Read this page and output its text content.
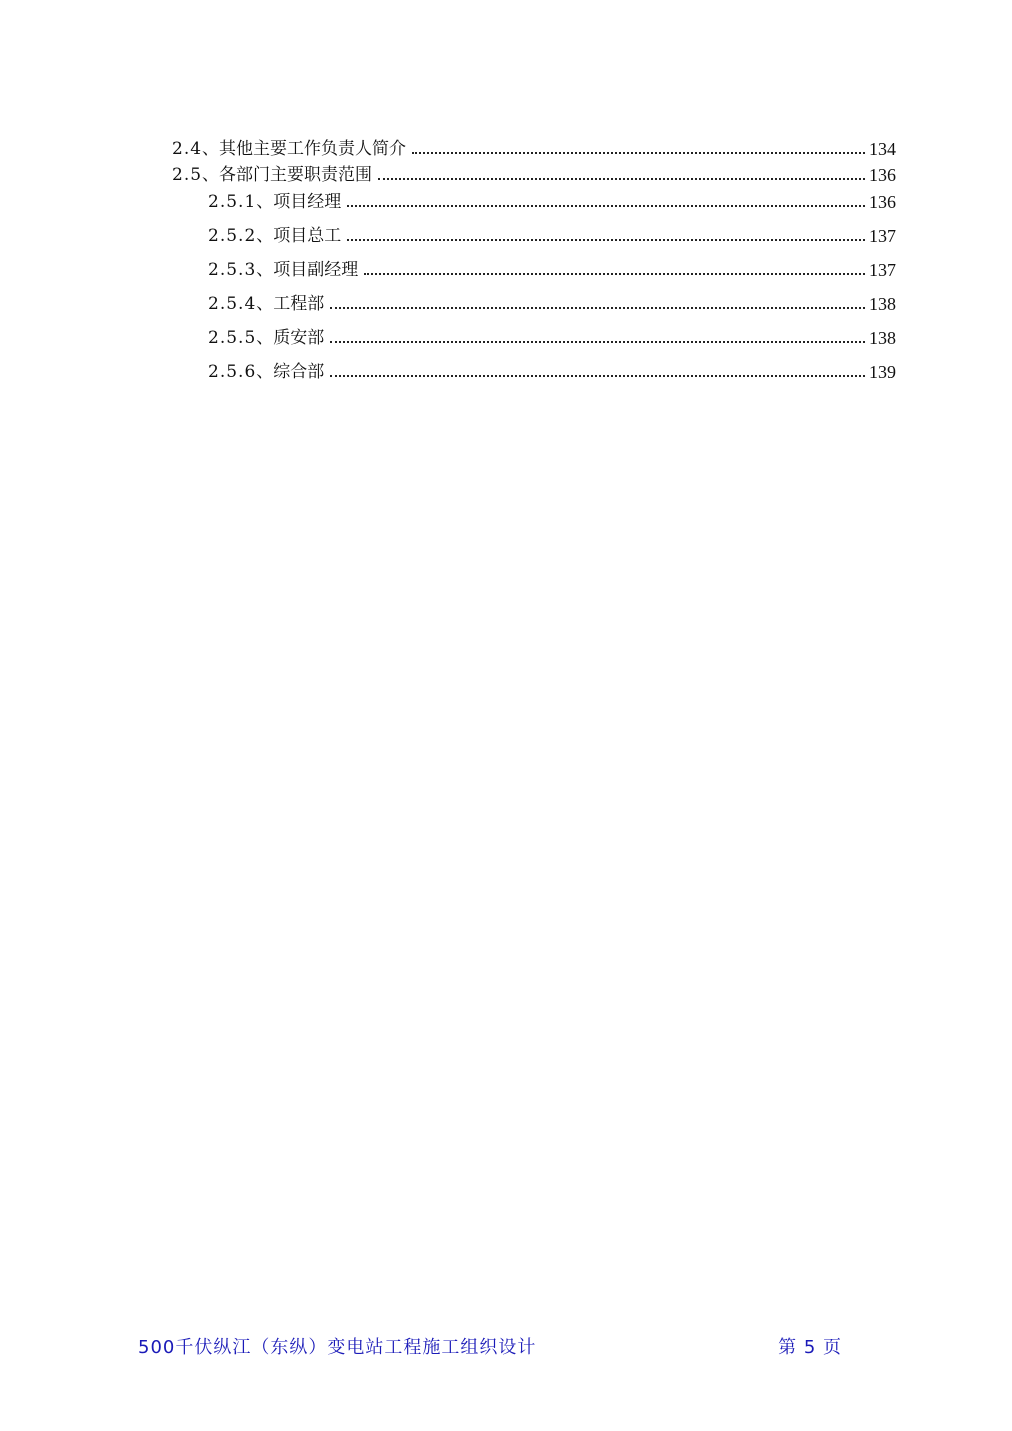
2.4 、其他主要工作负责人简介	134
2.5 、各部门主要职责范围	136
2.5.1 、项目经理	136
2.5.2 、项目总工	137
2.5.3 、项目副经理	137
2.5.4 、工程部	138
2.5.5 、质安部	138
2.5.6 、综合部	139
500千伏纵江（东纵）变电站工程施工组织设计	第 5 页
